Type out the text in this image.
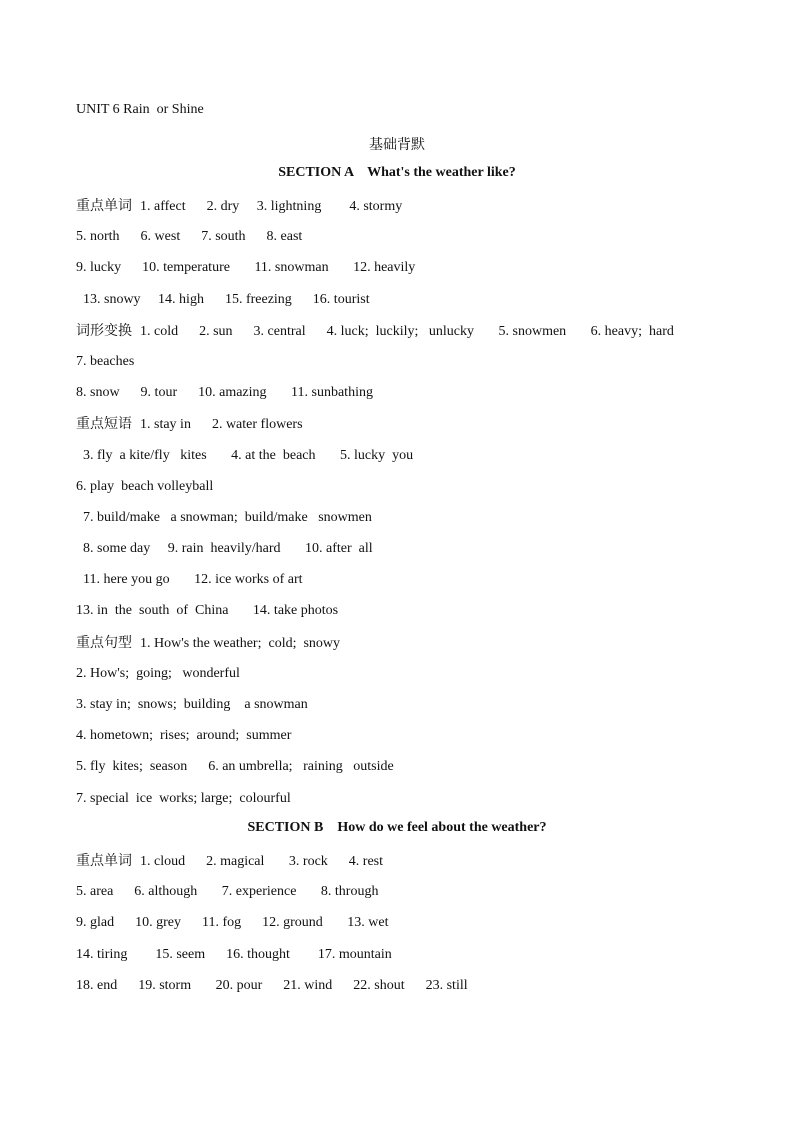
UNIT 6 Rain  or Shine
基础背默
SECTION A    What's the weather like?
重点单词 1. affect      2. dry     3. lightning        4. stormy
5. north      6. west      7. south      8. east
9. lucky      10. temperature       11. snowman       12. heavily
13. snowy     14. high      15. freezing      16. tourist
词形变换 1. cold      2. sun      3. central      4. luck;  luckily;   unlucky       5. snowmen       6. heavy;  hard
7. beaches
8. snow      9. tour      10. amazing       11. sunbathing
重点短语 1. stay in      2. water flowers
3. fly  a kite/fly   kites       4. at the  beach       5. lucky  you
6. play  beach volleyball
7. build/make   a snowman;  build/make   snowmen
8. some day     9. rain  heavily/hard       10. after  all
11. here you go       12. ice works of art
13. in  the  south  of  China       14. take photos
重点句型 1. How's the weather;  cold;  snowy
2. How's;  going;   wonderful
3. stay in;  snows;  building    a snowman
4. hometown;  rises;  around;  summer
5. fly  kites;  season      6. an umbrella;   raining   outside
7. special  ice  works; large;  colourful
SECTION B    How do we feel about the weather?
重点单词 1. cloud      2. magical       3. rock      4. rest
5. area      6. although       7. experience       8. through
9. glad      10. grey      11. fog      12. ground       13. wet
14. tiring        15. seem      16. thought        17. mountain
18. end      19. storm       20. pour      21. wind      22. shout      23. still
